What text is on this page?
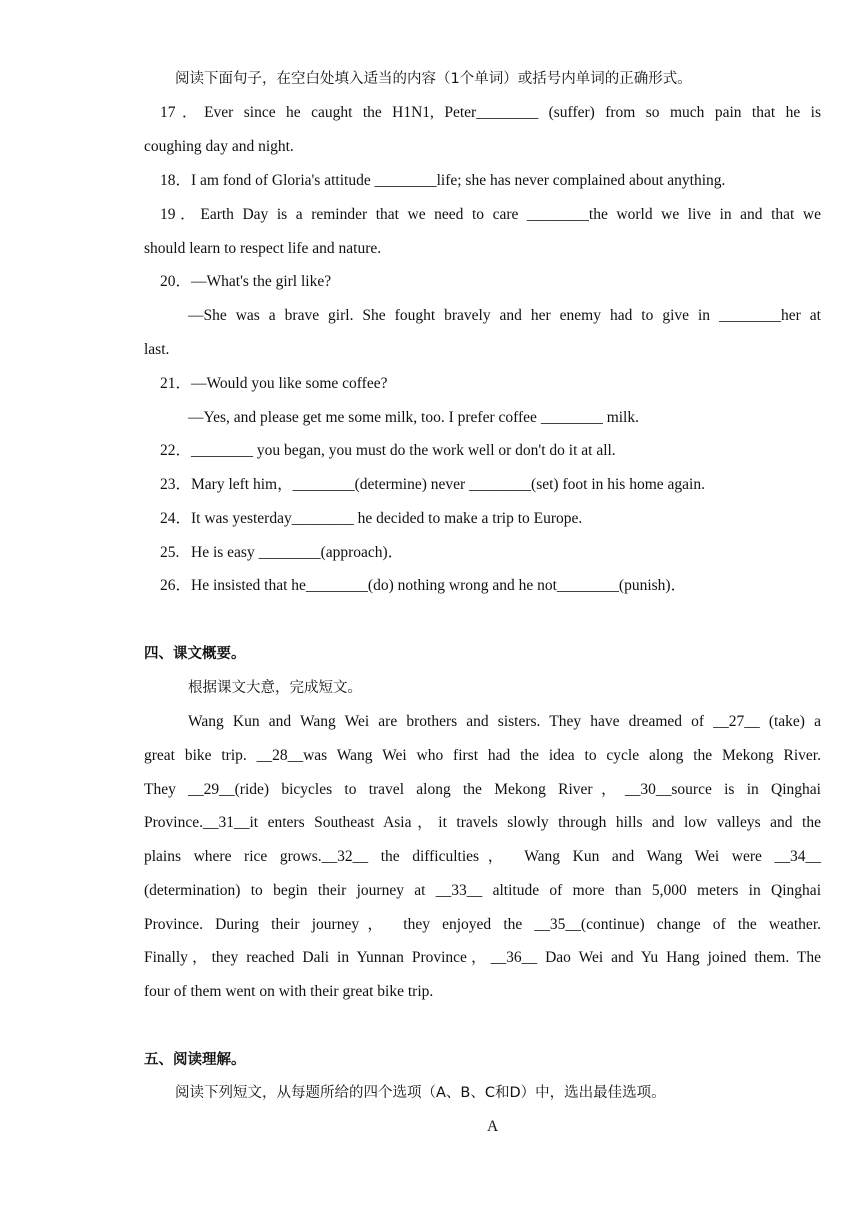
阅读下面句子，在空白处填入适当的内容（1个单词）或括号内单词的正确形式。
17．Ever since he caught the H1N1, Peter________ (suffer) from so much pain that he is
coughing day and night.
18．I am fond of Gloria's attitude ________life; she has never complained about anything.
19．Earth Day is a reminder that we need to care ________the world we live in and that we
should learn to respect life and nature.
20．—What's the girl like?
—She was a brave girl. She fought bravely and her enemy had to give in ________her at
last.
21．—Would you like some coffee?
—Yes, and please get me some milk, too. I prefer coffee ________ milk.
22．________ you began, you must do the work well or don't do it at all.
23．Mary left him，________(determine) never ________(set) foot in his home again.
24．It was yesterday________ he decided to make a trip to Europe.
25.   He is easy ________(approach)．
26．He insisted that he________(do) nothing wrong and he not________(punish)．
四、课文概要。
根据课文大意，完成短文。
Wang Kun and Wang Wei are brothers and sisters. They have dreamed of __27__ (take) a
great bike trip. __28__was Wang Wei who first had the idea to cycle along the Mekong River.
They __29__(ride) bicycles to travel along the Mekong River，__30__source is in Qinghai
Province.__31__it enters Southeast Asia，it travels slowly through hills and low valleys and the
plains where rice grows.__32__ the difficulties， Wang Kun and Wang Wei were __34__
(determination) to begin their journey at __33__ altitude of more than 5,000 meters in Qinghai
Province. During their journey， they enjoyed the __35__(continue) change of the weather.
Finally，they reached Dali in Yunnan Province，__36__ Dao Wei and Yu Hang joined them. The
four of them went on with their great bike trip.
五、阅读理解。
阅读下列短文，从每题所给的四个选项（A、B、C和D）中，选出最佳选项。
A
